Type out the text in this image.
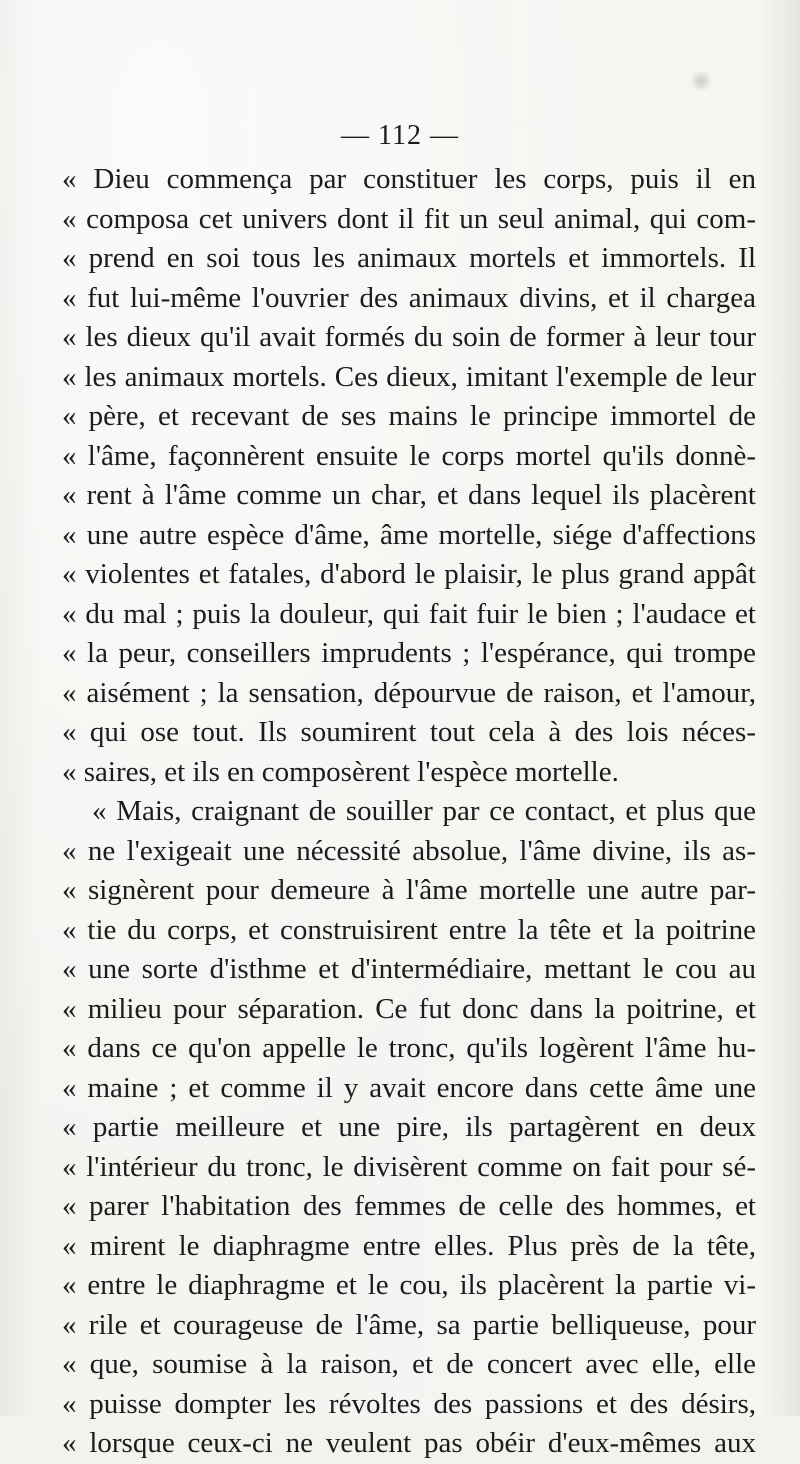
— 112 —
« Dieu commença par constituer les corps, puis il en
« composa cet univers dont il fit un seul animal, qui com-
« prend en soi tous les animaux mortels et immortels. Il
« fut lui-même l'ouvrier des animaux divins, et il chargea
« les dieux qu'il avait formés du soin de former à leur tour
« les animaux mortels. Ces dieux, imitant l'exemple de leur
« père, et recevant de ses mains le principe immortel de
« l'âme, façonnèrent ensuite le corps mortel qu'ils donnè-
« rent à l'âme comme un char, et dans lequel ils placèrent
« une autre espèce d'âme, âme mortelle, siége d'affections
« violentes et fatales, d'abord le plaisir, le plus grand appât
« du mal ; puis la douleur, qui fait fuir le bien ; l'audace et
« la peur, conseillers imprudents ; l'espérance, qui trompe
« aisément ; la sensation, dépourvue de raison, et l'amour,
« qui ose tout. Ils soumirent tout cela à des lois néces-
« saires, et ils en composèrent l'espèce mortelle.
« Mais, craignant de souiller par ce contact, et plus que
« ne l'exigeait une nécessité absolue, l'âme divine, ils as-
« signèrent pour demeure à l'âme mortelle une autre par-
« tie du corps, et construisirent entre la tête et la poitrine
« une sorte d'isthme et d'intermédiaire, mettant le cou au
« milieu pour séparation. Ce fut donc dans la poitrine, et
« dans ce qu'on appelle le tronc, qu'ils logèrent l'âme hu-
« maine ; et comme il y avait encore dans cette âme une
« partie meilleure et une pire, ils partagèrent en deux
« l'intérieur du tronc, le divisèrent comme on fait pour sé-
« parer l'habitation des femmes de celle des hommes, et
« mirent le diaphragme entre elles. Plus près de la tête,
« entre le diaphragme et le cou, ils placèrent la partie vi-
« rile et courageuse de l'âme, sa partie belliqueuse, pour
« que, soumise à la raison, et de concert avec elle, elle
« puisse dompter les révoltes des passions et des désirs,
« lorsque ceux-ci ne veulent pas obéir d'eux-mêmes aux
